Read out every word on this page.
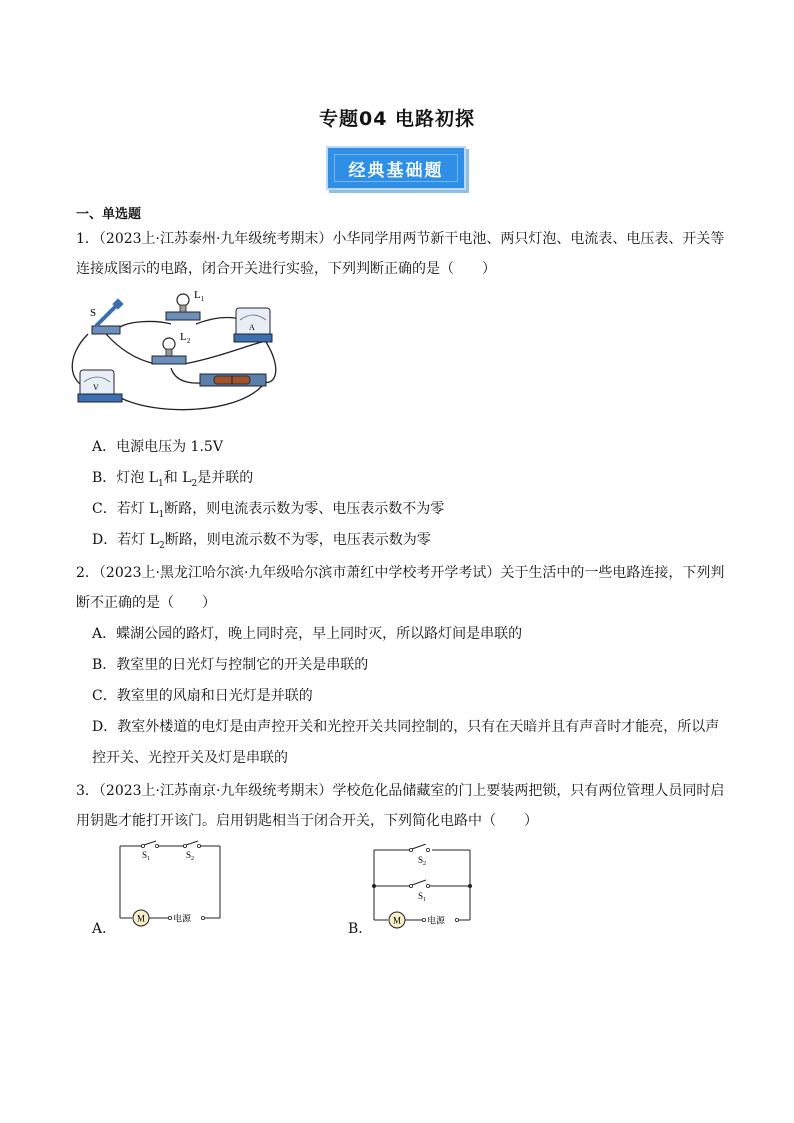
专题04 电路初探
经典基础题
一、单选题
1．（2023上·江苏泰州·九年级统考期末）小华同学用两节新干电池、两只灯泡、电流表、电压表、开关等
连接成图示的电路，闭合开关进行实验，下列判断正确的是（　　）
S
$L_1$
A
$L_2$
V
A．电源电压为 1.5V
B．灯泡 $L_1$和 $L_2$是并联的
C．若灯 $L_1$断路，则电流表示数为零、电压表示数不为零
D．若灯 $L_2$断路，则电流示数不为零，电压表示数为零
2．（2023上·黑龙江哈尔滨·九年级哈尔滨市萧红中学校考开学考试）关于生活中的一些电路连接，下列判
断不正确的是（　　）
A．蝶湖公园的路灯，晚上同时亮，早上同时灭，所以路灯间是串联的
B．教室里的日光灯与控制它的开关是串联的
C．教室里的风扇和日光灯是并联的
D．教室外楼道的电灯是由声控开关和光控开关共同控制的，只有在天暗并且有声音时才能亮，所以声
控开关、光控开关及灯是串联的
3．（2023上·江苏南京·九年级统考期末）学校危化品储藏室的门上要装两把锁，只有两位管理人员同时启
用钥匙才能打开该门。启用钥匙相当于闭合开关，下列简化电路中（　　）
A．
M	电源
$S_1$	$S_2$
B．
$S_2$
$S_1$
M	电源
